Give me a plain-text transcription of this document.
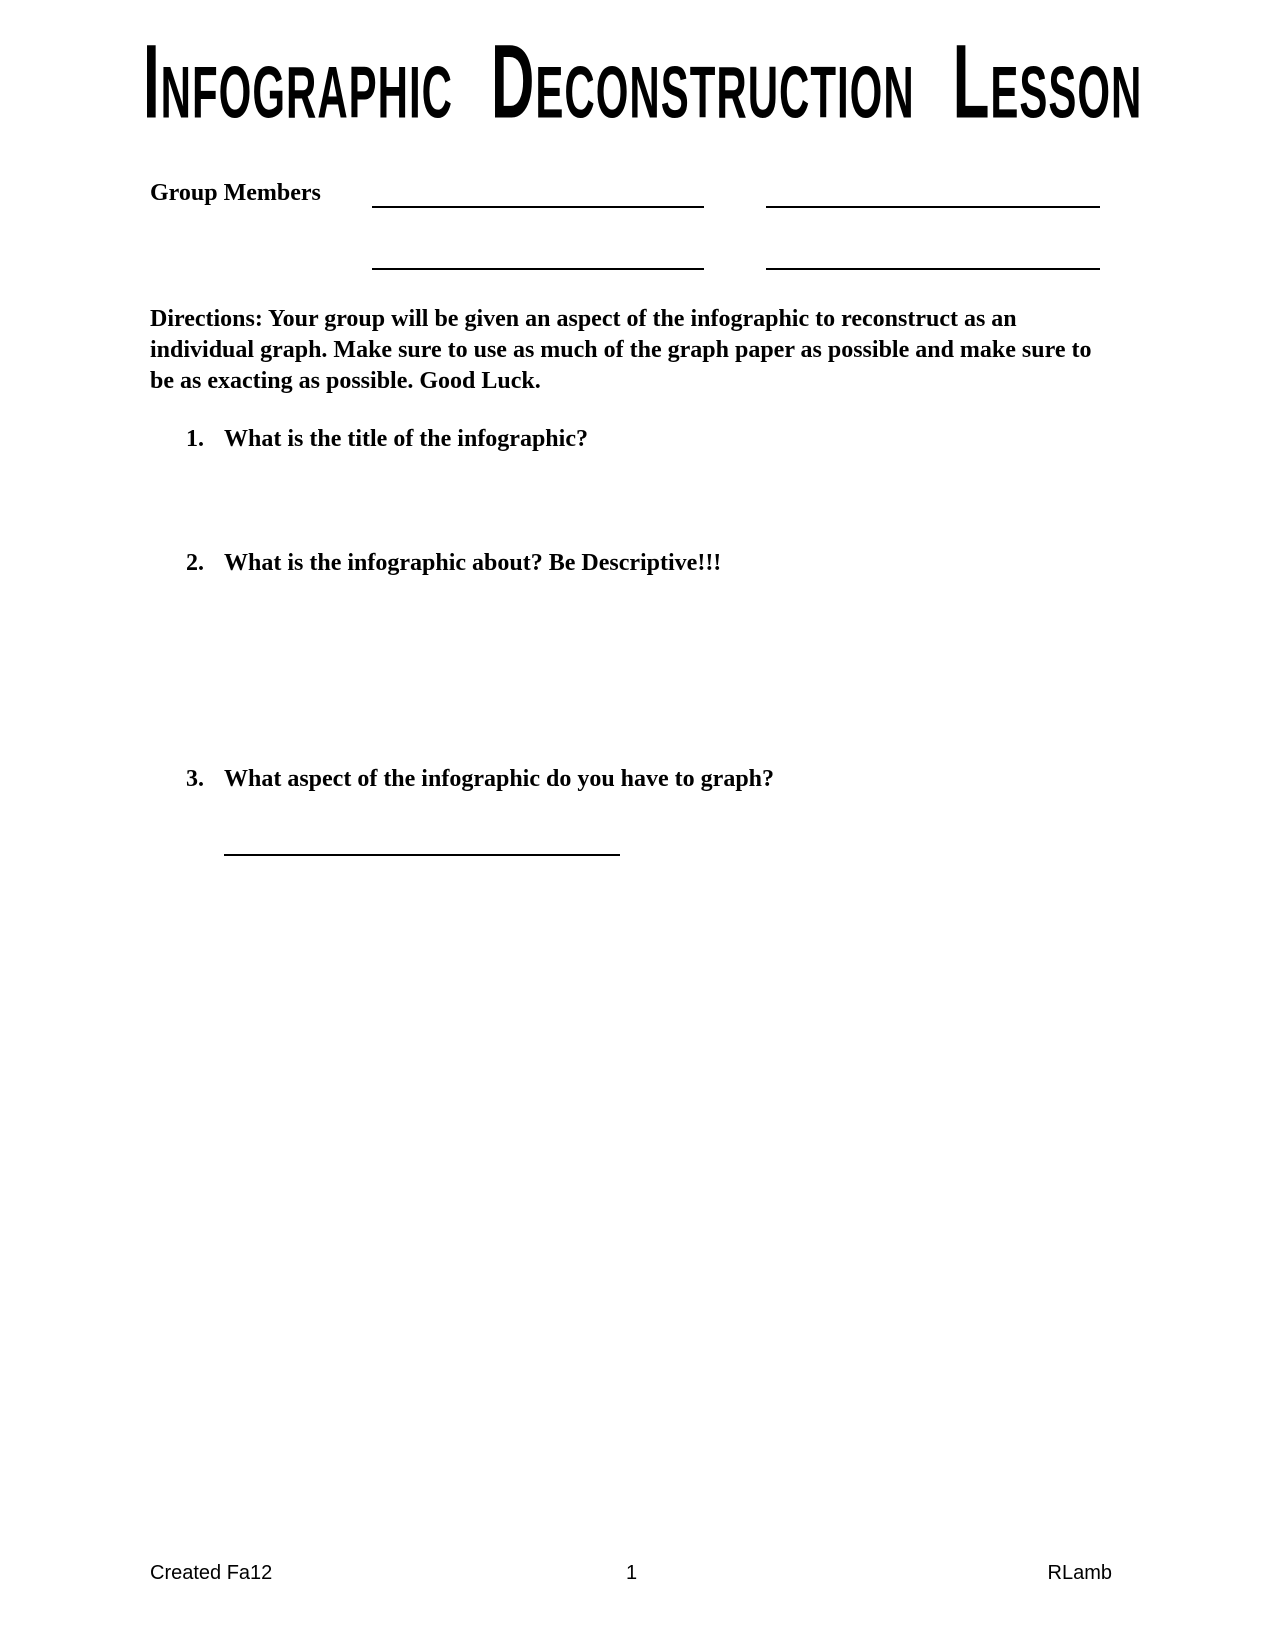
Infographic Deconstruction Lesson
Group Members

Directions: Your group will be given an aspect of the infographic to reconstruct as an individual graph. Make sure to use as much of the graph paper as possible and make sure to be as exacting as possible. Good Luck.

1. What is the title of the infographic?
2. What is the infographic about? Be Descriptive!!!
3. What aspect of the infographic do you have to graph?
Created Fa12	1	RLamb
